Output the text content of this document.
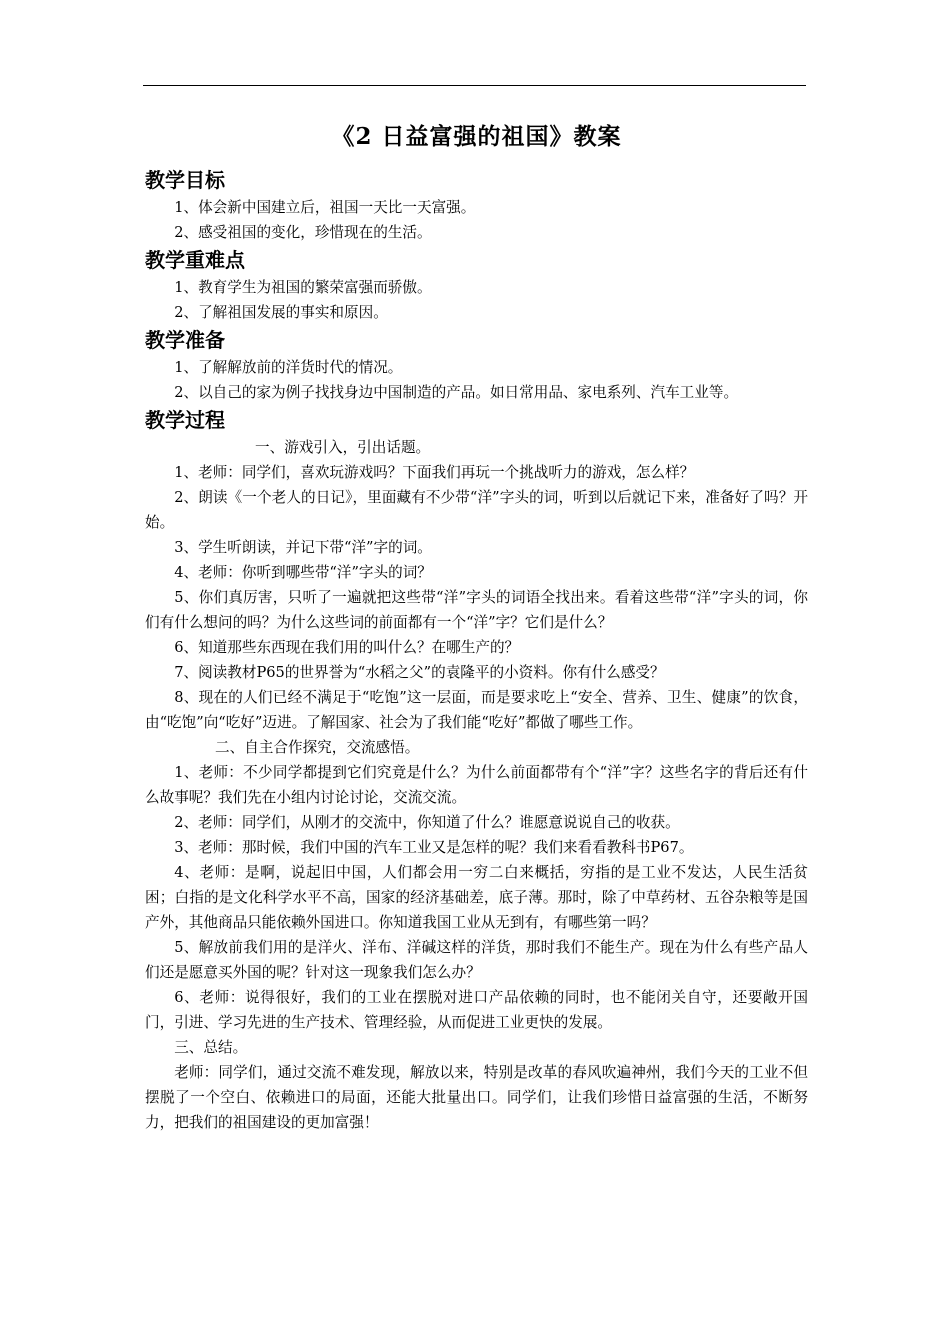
《2 日益富强的祖国》教案
教学目标

1、体会新中国建立后，祖国一天比一天富强。

2、感受祖国的变化，珍惜现在的生活。

教学重难点

1、教育学生为祖国的繁荣富强而骄傲。

2、了解祖国发展的事实和原因。

教学准备

1、了解解放前的洋货时代的情况。

2、以自己的家为例子找找身边中国制造的产品。如日常用品、家电系列、汽车工业等。

教学过程

一、游戏引入，引出话题。

1、老师：同学们，喜欢玩游戏吗？下面我们再玩一个挑战听力的游戏，怎么样？

2、朗读《一个老人的日记》，里面藏有不少带“洋”字头的词，听到以后就记下来，准备好了吗？开始。

3、学生听朗读，并记下带“洋”字的词。

4、老师：你听到哪些带“洋”字头的词？

5、你们真厉害，只听了一遍就把这些带“洋”字头的词语全找出来。看着这些带“洋”字头的词，你们有什么想问的吗？为什么这些词的前面都有一个“洋”字？它们是什么？

6、知道那些东西现在我们用的叫什么？在哪生产的？

7、阅读教材P65的世界誉为“水稻之父”的袁隆平的小资料。你有什么感受？

8、现在的人们已经不满足于“吃饱”这一层面，而是要求吃上“安全、营养、卫生、健康”的饮食，由“吃饱”向“吃好”迈进。了解国家、社会为了我们能“吃好”都做了哪些工作。

二、自主合作探究，交流感悟。

1、老师：不少同学都提到它们究竟是什么？为什么前面都带有个“洋”字？这些名字的背后还有什么故事呢？我们先在小组内讨论讨论，交流交流。

2、老师：同学们，从刚才的交流中，你知道了什么？谁愿意说说自己的收获。

3、老师：那时候，我们中国的汽车工业又是怎样的呢？我们来看看教科书P67。

4、老师：是啊，说起旧中国，人们都会用一穷二白来概括，穷指的是工业不发达，人民生活贫困；白指的是文化科学水平不高，国家的经济基础差，底子薄。那时，除了中草药材、五谷杂粮等是国产外，其他商品只能依赖外国进口。你知道我国工业从无到有，有哪些第一吗？

5、解放前我们用的是洋火、洋布、洋碱这样的洋货，那时我们不能生产。现在为什么有些产品人们还是愿意买外国的呢？针对这一现象我们怎么办？

6、老师：说得很好，我们的工业在摆脱对进口产品依赖的同时，也不能闭关自守，还要敞开国门，引进、学习先进的生产技术、管理经验，从而促进工业更快的发展。

三、总结。

老师：同学们，通过交流不难发现，解放以来，特别是改革的春风吹遍神州，我们今天的工业不但摆脱了一个空白、依赖进口的局面，还能大批量出口。同学们，让我们珍惜日益富强的生活，不断努力，把我们的祖国建设的更加富强！
